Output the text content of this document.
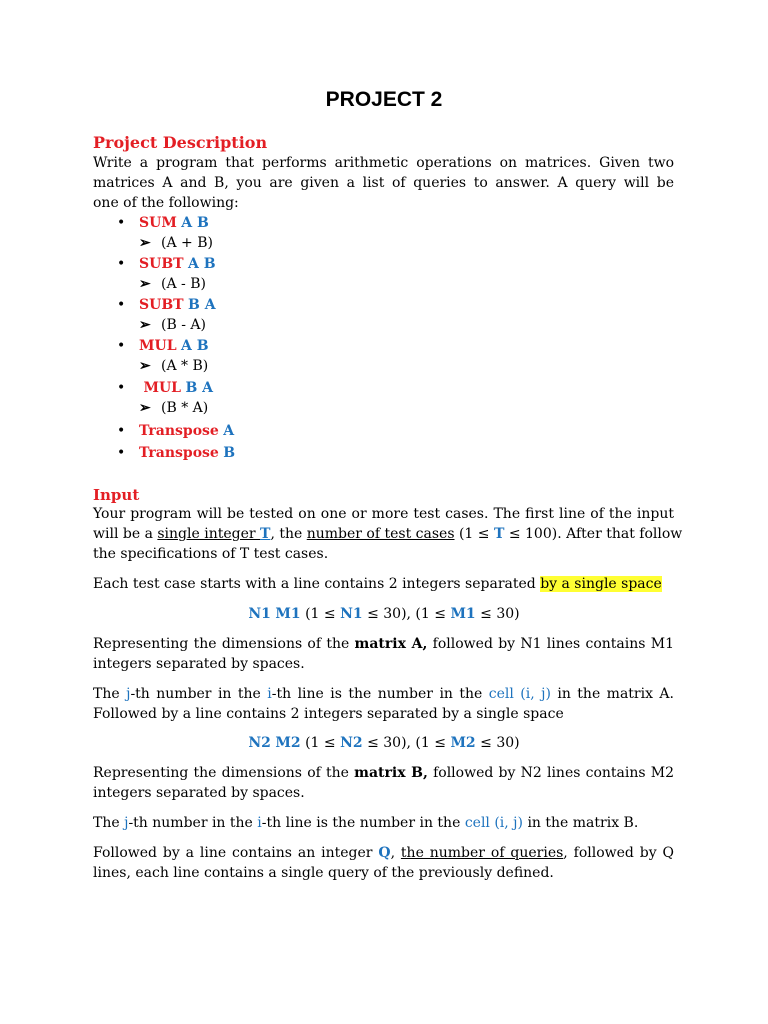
PROJECT 2
Project Description
Write a program that performs arithmetic operations on matrices. Given two
matrices A and B, you are given a list of queries to answer. A query will be
one of the following:
• SUM A B
➢ (A + B)
• SUBT A B
➢ (A - B)
• SUBT B A
➢ (B - A)
• MUL A B
➢ (A * B)
• MUL B A
➢ (B * A)
• Transpose A
• Transpose B
Input
Your program will be tested on one or more test cases. The first line of the input
will be a single integer T, the number of test cases (1 ≤ T ≤ 100). After that follow
the specifications of T test cases.
Each test case starts with a line contains 2 integers separated by a single space
N1 M1 (1 ≤ N1 ≤ 30), (1 ≤ M1 ≤ 30)
Representing the dimensions of the matrix A, followed by N1 lines contains M1
integers separated by spaces.
The j-th number in the i-th line is the number in the cell (i, j) in the matrix A.
Followed by a line contains 2 integers separated by a single space
N2 M2 (1 ≤ N2 ≤ 30), (1 ≤ M2 ≤ 30)
Representing the dimensions of the matrix B, followed by N2 lines contains M2
integers separated by spaces.
The j-th number in the i-th line is the number in the cell (i, j) in the matrix B.
Followed by a line contains an integer Q, the number of queries, followed by Q
lines, each line contains a single query of the previously defined.
